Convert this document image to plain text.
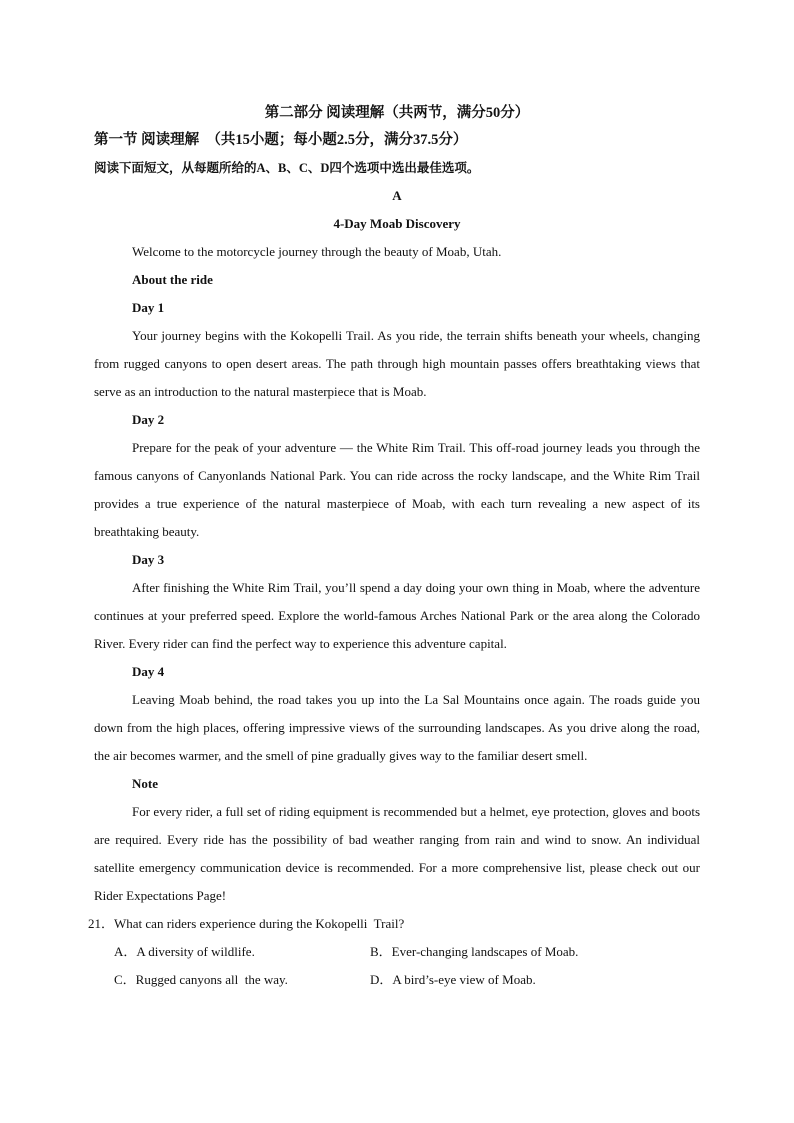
第二部分 阅读理解（共两节，满分50分）
第一节 阅读理解  （共15小题；每小题2.5分，满分37.5分）
阅读下面短文，从每题所给的A、B、C、D四个选项中选出最佳选项。
A
4-Day Moab Discovery

Welcome to the motorcycle journey through the beauty of Moab, Utah.

About the ride
Day 1

Your journey begins with the Kokopelli Trail. As you ride, the terrain shifts beneath your wheels, changing from rugged canyons to open desert areas. The path through high mountain passes offers breathtaking views that serve as an introduction to the natural masterpiece that is Moab.

Day 2

Prepare for the peak of your adventure — the White Rim Trail. This off-road journey leads you through the famous canyons of Canyonlands National Park. You can ride across the rocky landscape, and the White Rim Trail provides a true experience of the natural masterpiece of Moab, with each turn revealing a new aspect of its breathtaking beauty.

Day 3

After finishing the White Rim Trail, you’ll spend a day doing your own thing in Moab, where the adventure continues at your preferred speed. Explore the world-famous Arches National Park or the area along the Colorado River. Every rider can find the perfect way to experience this adventure capital.

Day 4

Leaving Moab behind, the road takes you up into the La Sal Mountains once again. The roads guide you down from the high places, offering impressive views of the surrounding landscapes. As you drive along the road, the air becomes warmer, and the smell of pine gradually gives way to the familiar desert smell.

Note

For every rider, a full set of riding equipment is recommended but a helmet, eye protection, gloves and boots are required. Every ride has the possibility of bad weather ranging from rain and wind to snow. An individual satellite emergency communication device is recommended. For a more comprehensive list, please check out our Rider Expectations Page!

21．What can riders experience during the Kokopelli  Trail?
A．A diversity of wildlife.	B．Ever-changing landscapes of Moab.
C．Rugged canyons all  the way.	D．A bird’s-eye view of Moab.
